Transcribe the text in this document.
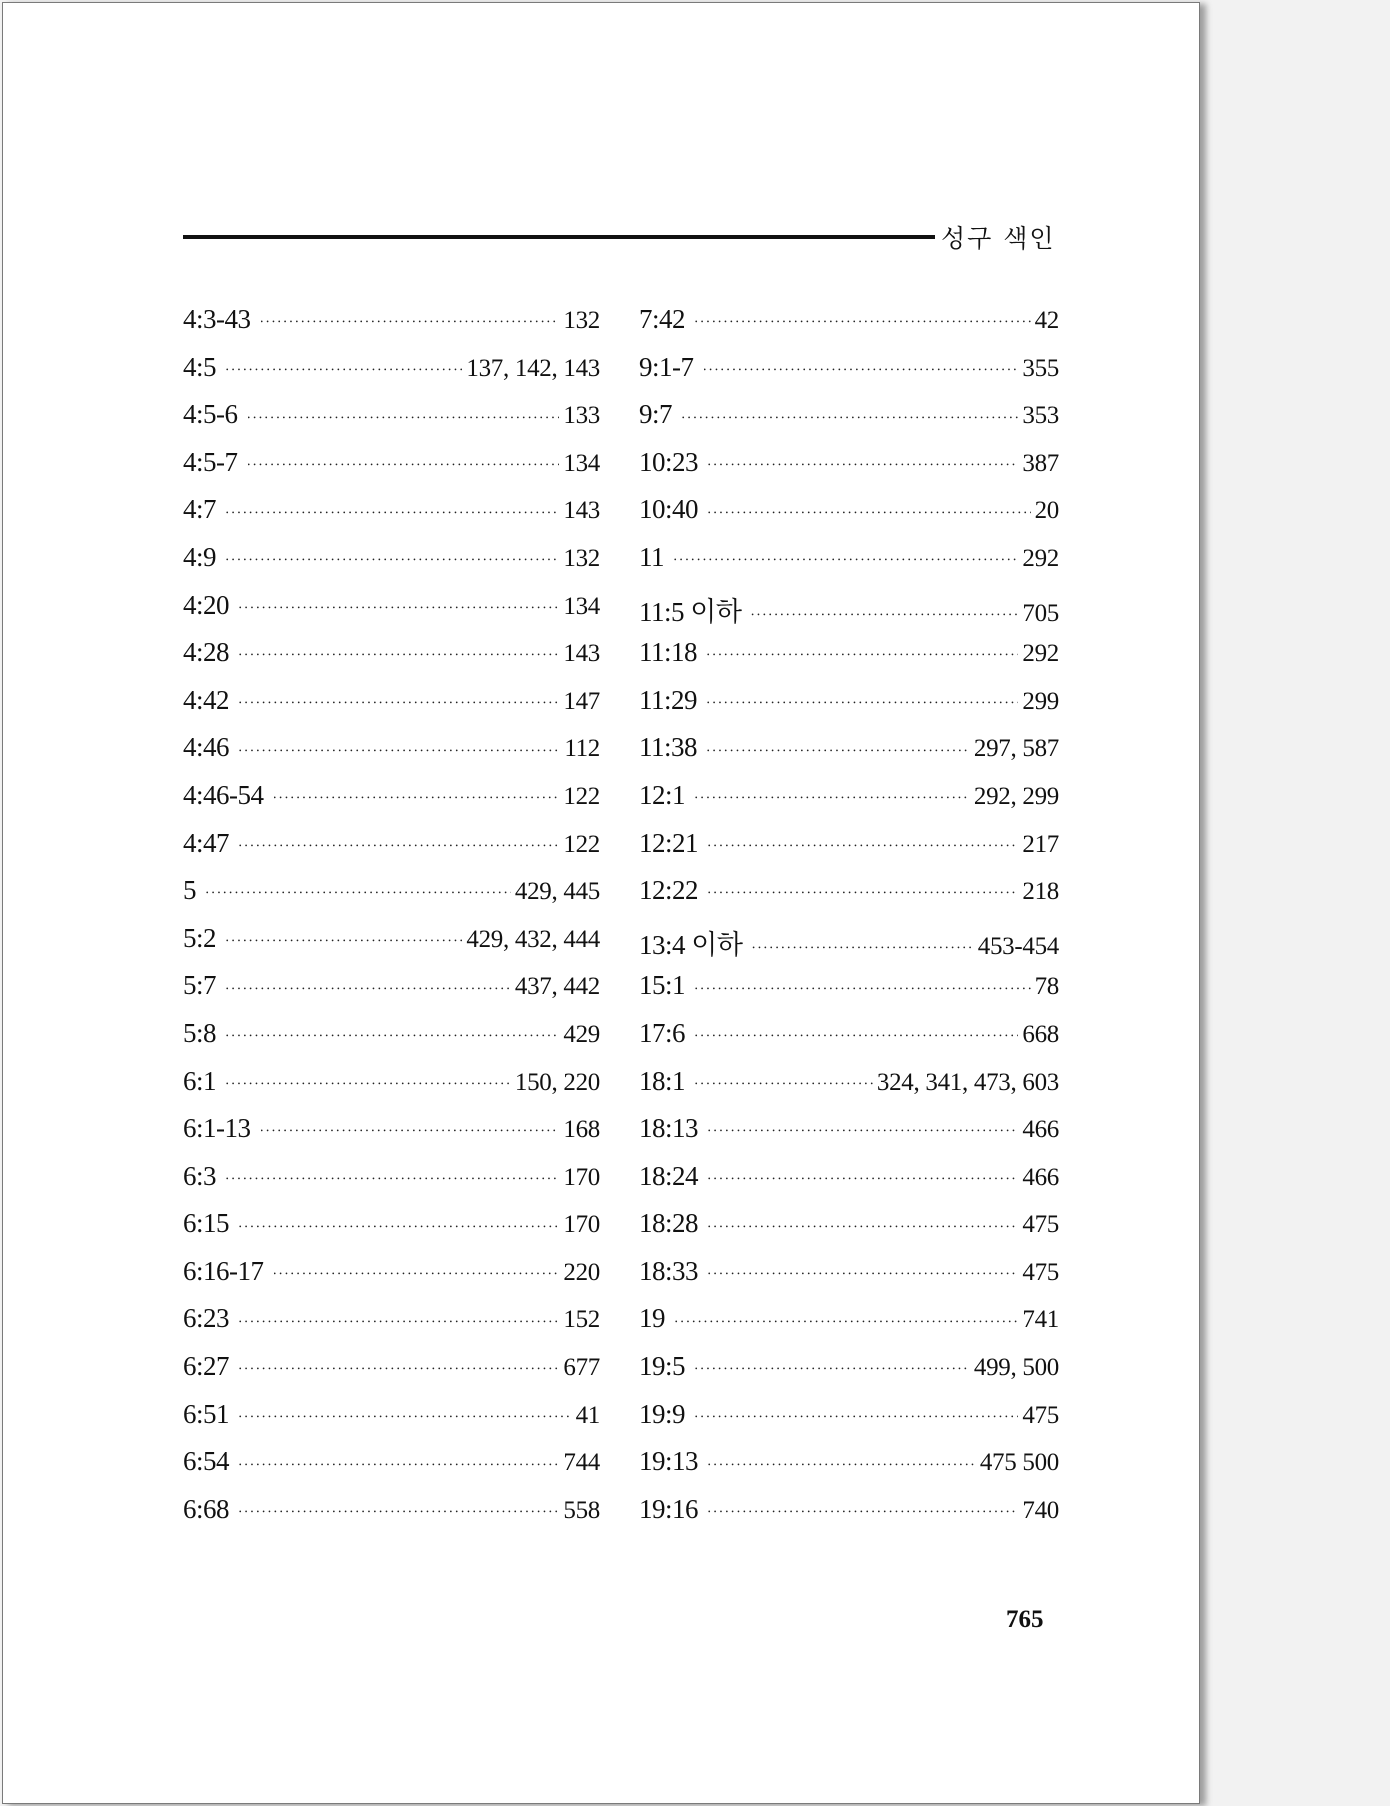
성구 색인
4:3-43 •••••	132
4:5 •••••	137, 142, 143
4:5-6 •••••	133
4:5-7 •••••	134
4:7 •••••	143
4:9 •••••	132
4:20 •••••	134
4:28 •••••	143
4:42 •••••	147
4:46 •••••	112
4:46-54 •••••	122
4:47 •••••	122
5 •••••	429, 445
5:2 •••••	429, 432, 444
5:7 •••••	437, 442
5:8 •••••	429
6:1 •••••	150, 220
6:1-13 •••••	168
6:3 •••••	170
6:15 •••••	170
6:16-17 •••••	220
6:23 •••••	152
6:27 •••••	677
6:51 •••••	41
6:54 •••••	744
6:68 •••••	558
7:42 •••••	42
9:1-7 •••••	355
9:7 •••••	353
10:23 •••••	387
10:40 •••••	20
11 •••••	292
11:5 이하 •••••	705
11:18 •••••	292
11:29 •••••	299
11:38 •••••	297, 587
12:1 •••••	292, 299
12:21 •••••	217
12:22 •••••	218
13:4 이하 •••••	453-454
15:1 •••••	78
17:6 •••••	668
18:1 •••••	324, 341, 473, 603
18:13 •••••	466
18:24 •••••	466
18:28 •••••	475
18:33 •••••	475
19 •••••	741
19:5 •••••	499, 500
19:9 •••••	475
19:13 •••••	475 500
19:16 •••••	740
765
